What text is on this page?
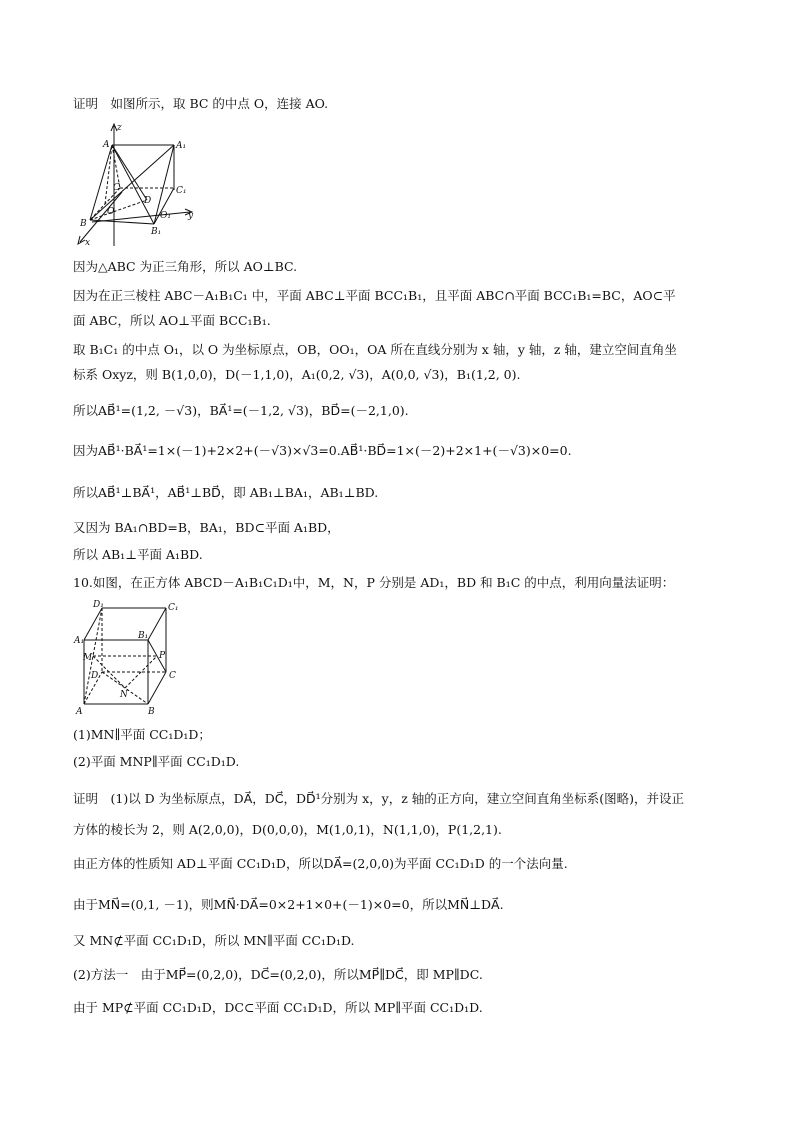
证明　如图所示，取 BC 的中点 O，连接 AO.
z
A	A₁
C	C₁
D
O	O₁ y
B
B₁
x
因为△ABC 为正三角形，所以 AO⊥BC.
因为在正三棱柱 ABC－A₁B₁C₁ 中，平面 ABC⊥平面 BCC₁B₁，且平面 ABC∩平面 BCC₁B₁=BC，AO⊂平
面 ABC，所以 AO⊥平面 BCC₁B₁.
取 B₁C₁ 的中点 O₁，以 O 为坐标原点，OB，OO₁，OA 所在直线分别为 x 轴，y 轴，z 轴，建立空间直角坐
标系 Oxyz，则 B(1,0,0)，D(－1,1,0)，A₁(0,2, √3)，A(0,0, √3)，B₁(1,2, 0).
所以AB⃗¹=(1,2, －√3)，BA⃗¹=(－1,2, √3)，BD⃗=(－2,1,0).
因为AB⃗¹·BA⃗¹=1×(－1)+2×2+(－√3)×√3=0.AB⃗¹·BD⃗=1×(－2)+2×1+(－√3)×0=0.
所以AB⃗¹⊥BA⃗¹，AB⃗¹⊥BD⃗，即 AB₁⊥BA₁，AB₁⊥BD.
又因为 BA₁∩BD=B，BA₁，BD⊂平面 A₁BD，
所以 AB₁⊥平面 A₁BD.
10.如图，在正方体 ABCD－A₁B₁C₁D₁中，M，N，P 分别是 AD₁，BD 和 B₁C 的中点，利用向量法证明：
D₁	C₁
A₁	B₁
M	P
D	C
N
A	B
(1)MN∥平面 CC₁D₁D；
(2)平面 MNP∥平面 CC₁D₁D.
证明　(1)以 D 为坐标原点，DA⃗，DC⃗，DD⃗¹分别为 x，y，z 轴的正方向，建立空间直角坐标系(图略)，并设正
方体的棱长为 2，则 A(2,0,0)，D(0,0,0)，M(1,0,1)，N(1,1,0)，P(1,2,1).
由正方体的性质知 AD⊥平面 CC₁D₁D，所以DA⃗=(2,0,0)为平面 CC₁D₁D 的一个法向量.
由于MN⃗=(0,1, －1)，则MN⃗·DA⃗=0×2+1×0+(－1)×0=0，所以MN⃗⊥DA⃗.
又 MN⊄平面 CC₁D₁D，所以 MN∥平面 CC₁D₁D.
(2)方法一　由于MP⃗=(0,2,0)，DC⃗=(0,2,0)，所以MP⃗∥DC⃗，即 MP∥DC.
由于 MP⊄平面 CC₁D₁D，DC⊂平面 CC₁D₁D，所以 MP∥平面 CC₁D₁D.
